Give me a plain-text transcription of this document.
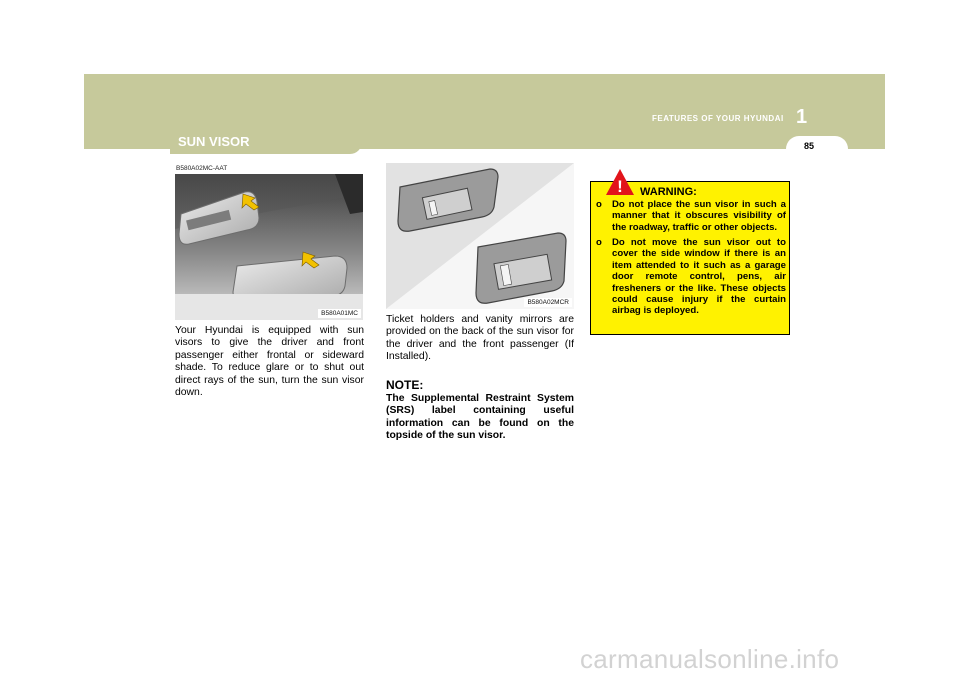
FEATURES OF YOUR HYUNDAI 1
85
SUN VISOR
B580A02MC-AAT
B580A01MC

Your Hyundai is equipped with sun visors to give the driver and front passenger either frontal or sideward shade. To reduce glare or to shut out direct rays of the sun, turn the sun visor down.

B580A02MCR

Ticket holders and vanity mirrors are provided on the back of the sun visor for the driver and the front passenger (If Installed).

NOTE:

The Supplemental Restraint System (SRS) label containing useful information can be found on the topside of the sun visor.

! WARNING:
o	Do not place the sun visor in such a manner that it obscures visibility of the roadway, traffic or other objects.
o	Do not move the sun visor out to cover the side window if there is an item attended to it such as a garage door remote control, pens, air fresheners or the like. These objects could cause injury if the curtain airbag is deployed.
carmanualsonline.info
